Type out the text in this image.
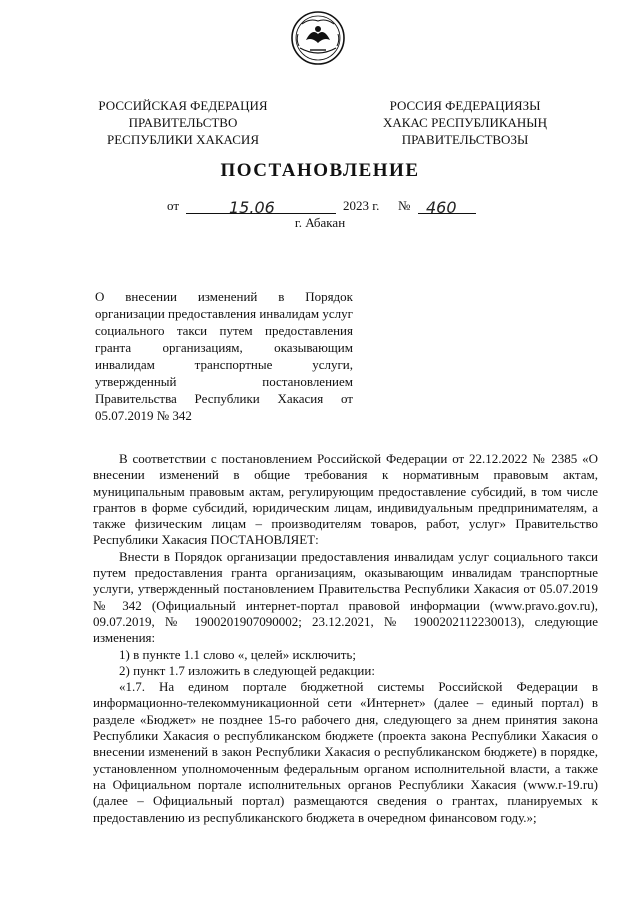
РОССИЙСКАЯ ФЕДЕРАЦИЯ
ПРАВИТЕЛЬСТВО
РЕСПУБЛИКИ ХАКАСИЯ
РОССИЯ ФЕДЕРАЦИЯЗЫ
ХАКАС РЕСПУБЛИКАНЫҢ
ПРАВИТЕЛЬСТВОЗЫ
ПОСТАНОВЛЕНИЕ
от	15.06	2023 г. № 460
г. Абакан
О внесении изменений в Порядок организации предоставления инвалидам услуг социального такси путем предоставления гранта организациям, оказывающим инвалидам транспортные услуги, утвержденный постановлением Правительства Республики Хакасия от 05.07.2019 № 342

В соответствии с постановлением Российской Федерации от 22.12.2022 № 2385 «О внесении изменений в общие требования к нормативным правовым актам, муниципальным правовым актам, регулирующим предоставление субсидий, в том числе грантов в форме субсидий, юридическим лицам, индивидуальным предпринимателям, а также физическим лицам – производителям товаров, работ, услуг» Правительство Республики Хакасия ПОСТАНОВЛЯЕТ:

Внести в Порядок организации предоставления инвалидам услуг социального такси путем предоставления гранта организациям, оказывающим инвалидам транспортные услуги, утвержденный постановлением Правительства Республики Хакасия от 05.07.2019 № 342 (Официальный интернет-портал правовой информации (www.pravo.gov.ru), 09.07.2019, № 1900201907090002; 23.12.2021, № 1900202112230013), следующие изменения:

1) в пункте 1.1 слово «, целей» исключить;

2) пункт 1.7 изложить в следующей редакции:

«1.7. На едином портале бюджетной системы Российской Федерации в информационно-телекоммуникационной сети «Интернет» (далее – единый портал) в разделе «Бюджет» не позднее 15-го рабочего дня, следующего за днем принятия закона Республики Хакасия о республиканском бюджете (проекта закона Республики Хакасия о внесении изменений в закон Республики Хакасия о республиканском бюджете) в порядке, установленном уполномоченным федеральным органом исполнительной власти, а также на Официальном портале исполнительных органов Республики Хакасия (www.r-19.ru) (далее – Официальный портал) размещаются сведения о грантах, планируемых к предоставлению из республиканского бюджета в очередном финансовом году.»;
